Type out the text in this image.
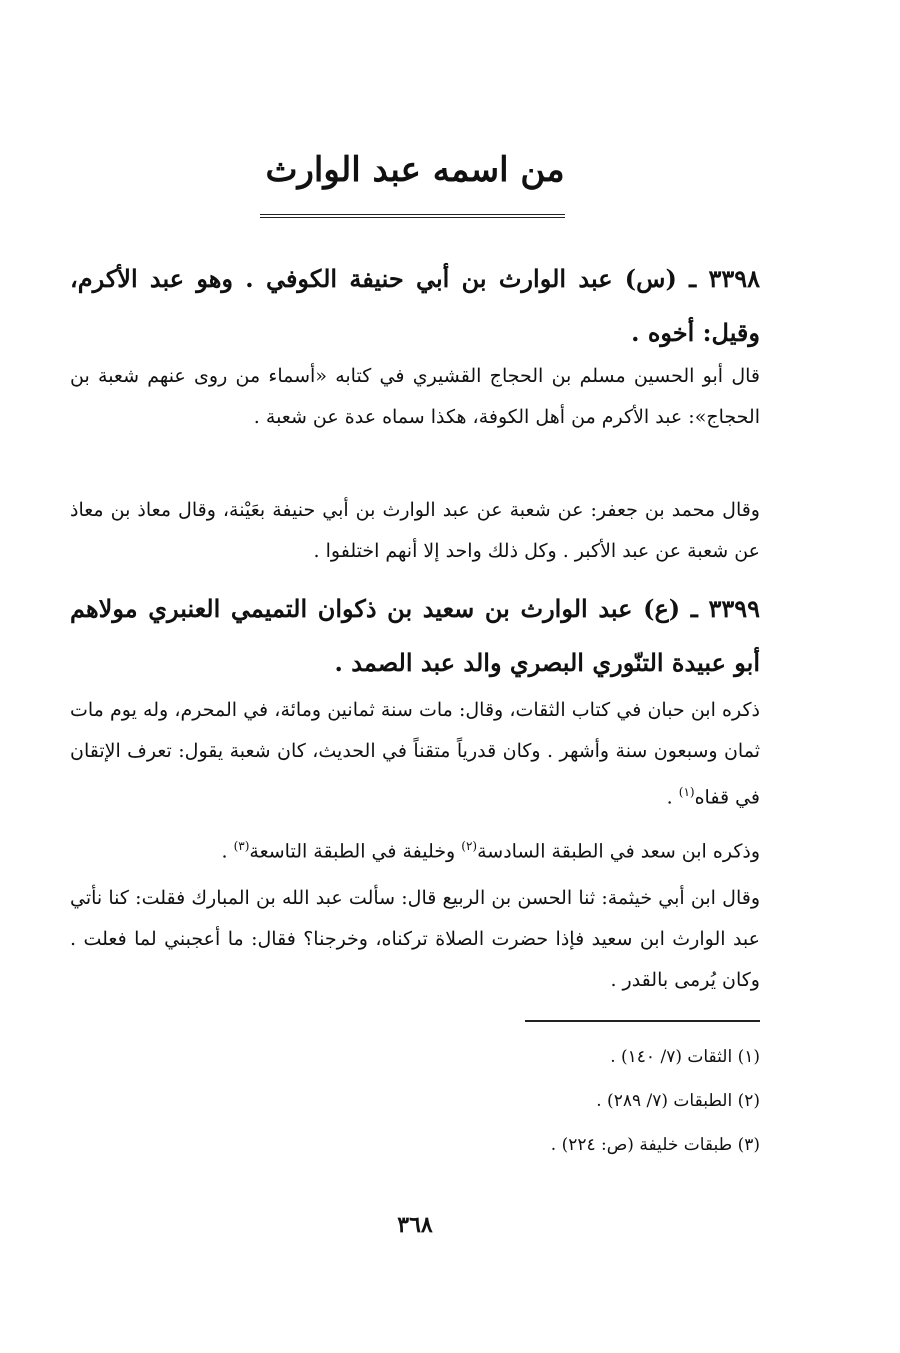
من اسمه عبد الوارث

٣٣٩٨ ـ (س) عبد الوارث بن أبي حنيفة الكوفي . وهو عبد الأكرم، وقيل: أخوه .

قال أبو الحسين مسلم بن الحجاج القشيري في كتابه «أسماء من روى عنهم شعبة بن الحجاج»: عبد الأكرم من أهل الكوفة، هكذا سماه عدة عن شعبة .

وقال محمد بن جعفر: عن شعبة عن عبد الوارث بن أبي حنيفة بعَيْنة، وقال معاذ بن معاذ عن شعبة عن عبد الأكبر . وكل ذلك واحد إلا أنهم اختلفوا .

٣٣٩٩ ـ (ع) عبد الوارث بن سعيد بن ذكوان التميمي العنبري مولاهم أبو عبيدة التنّوري البصري والد عبد الصمد .

ذكره ابن حبان في كتاب الثقات، وقال: مات سنة ثمانين ومائة، في المحرم، وله يوم مات ثمان وسبعون سنة وأشهر . وكان قدرياً متقناً في الحديث، كان شعبة يقول: تعرف الإتقان في قفاه$^{(١)}$ .

وذكره ابن سعد في الطبقة السادسة$^{(٢)}$ وخليفة في الطبقة التاسعة$^{(٣)}$ .

وقال ابن أبي خيثمة: ثنا الحسن بن الربيع قال: سألت عبد الله بن المبارك فقلت: كنا نأتي عبد الوارث ابن سعيد فإذا حضرت الصلاة تركناه، وخرجنا؟ فقال: ما أعجبني لما فعلت . وكان يُرمى بالقدر .

(١) الثقات (٧/ ١٤٠) .
(٢) الطبقات (٧/ ٢٨٩) .
(٣) طبقات خليفة (ص: ٢٢٤) .
٣٦٨
